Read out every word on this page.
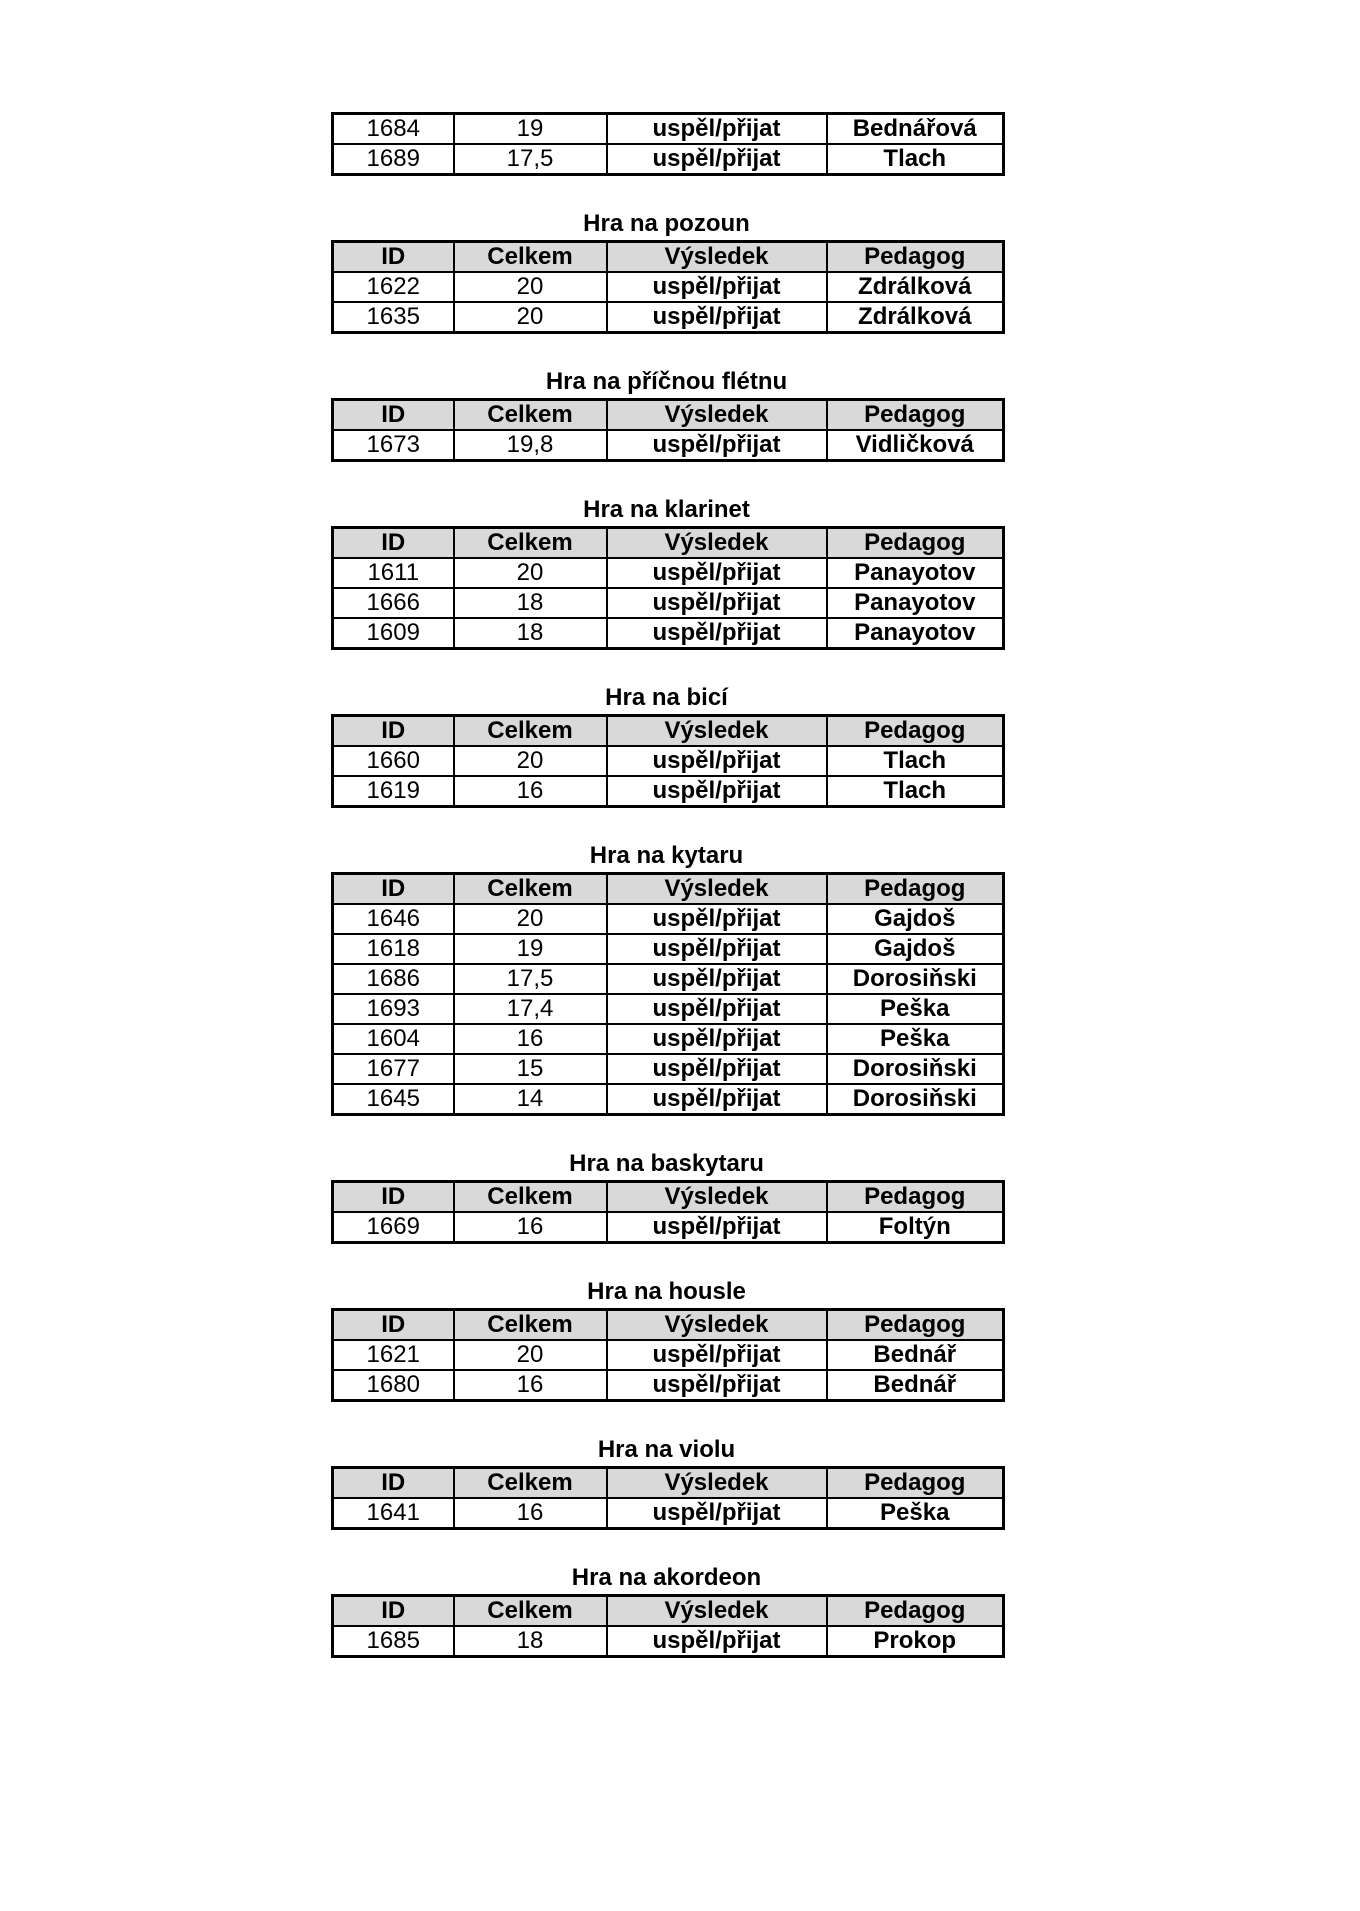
1684	19	uspěl/přijat	Bednářová
1689	17,5	uspěl/přijat	Tlach
Hra na pozoun
ID	Celkem	Výsledek	Pedagog
1622	20	uspěl/přijat	Zdrálková
1635	20	uspěl/přijat	Zdrálková
Hra na příčnou flétnu
ID	Celkem	Výsledek	Pedagog
1673	19,8	uspěl/přijat	Vidličková
Hra na klarinet
ID	Celkem	Výsledek	Pedagog
1611	20	uspěl/přijat	Panayotov
1666	18	uspěl/přijat	Panayotov
1609	18	uspěl/přijat	Panayotov
Hra na bicí
ID	Celkem	Výsledek	Pedagog
1660	20	uspěl/přijat	Tlach
1619	16	uspěl/přijat	Tlach
Hra na kytaru
ID	Celkem	Výsledek	Pedagog
1646	20	uspěl/přijat	Gajdoš
1618	19	uspěl/přijat	Gajdoš
1686	17,5	uspěl/přijat	Dorosiňski
1693	17,4	uspěl/přijat	Peška
1604	16	uspěl/přijat	Peška
1677	15	uspěl/přijat	Dorosiňski
1645	14	uspěl/přijat	Dorosiňski
Hra na baskytaru
ID	Celkem	Výsledek	Pedagog
1669	16	uspěl/přijat	Foltýn
Hra na housle
ID	Celkem	Výsledek	Pedagog
1621	20	uspěl/přijat	Bednář
1680	16	uspěl/přijat	Bednář
Hra na violu
ID	Celkem	Výsledek	Pedagog
1641	16	uspěl/přijat	Peška
Hra na akordeon
ID	Celkem	Výsledek	Pedagog
1685	18	uspěl/přijat	Prokop
